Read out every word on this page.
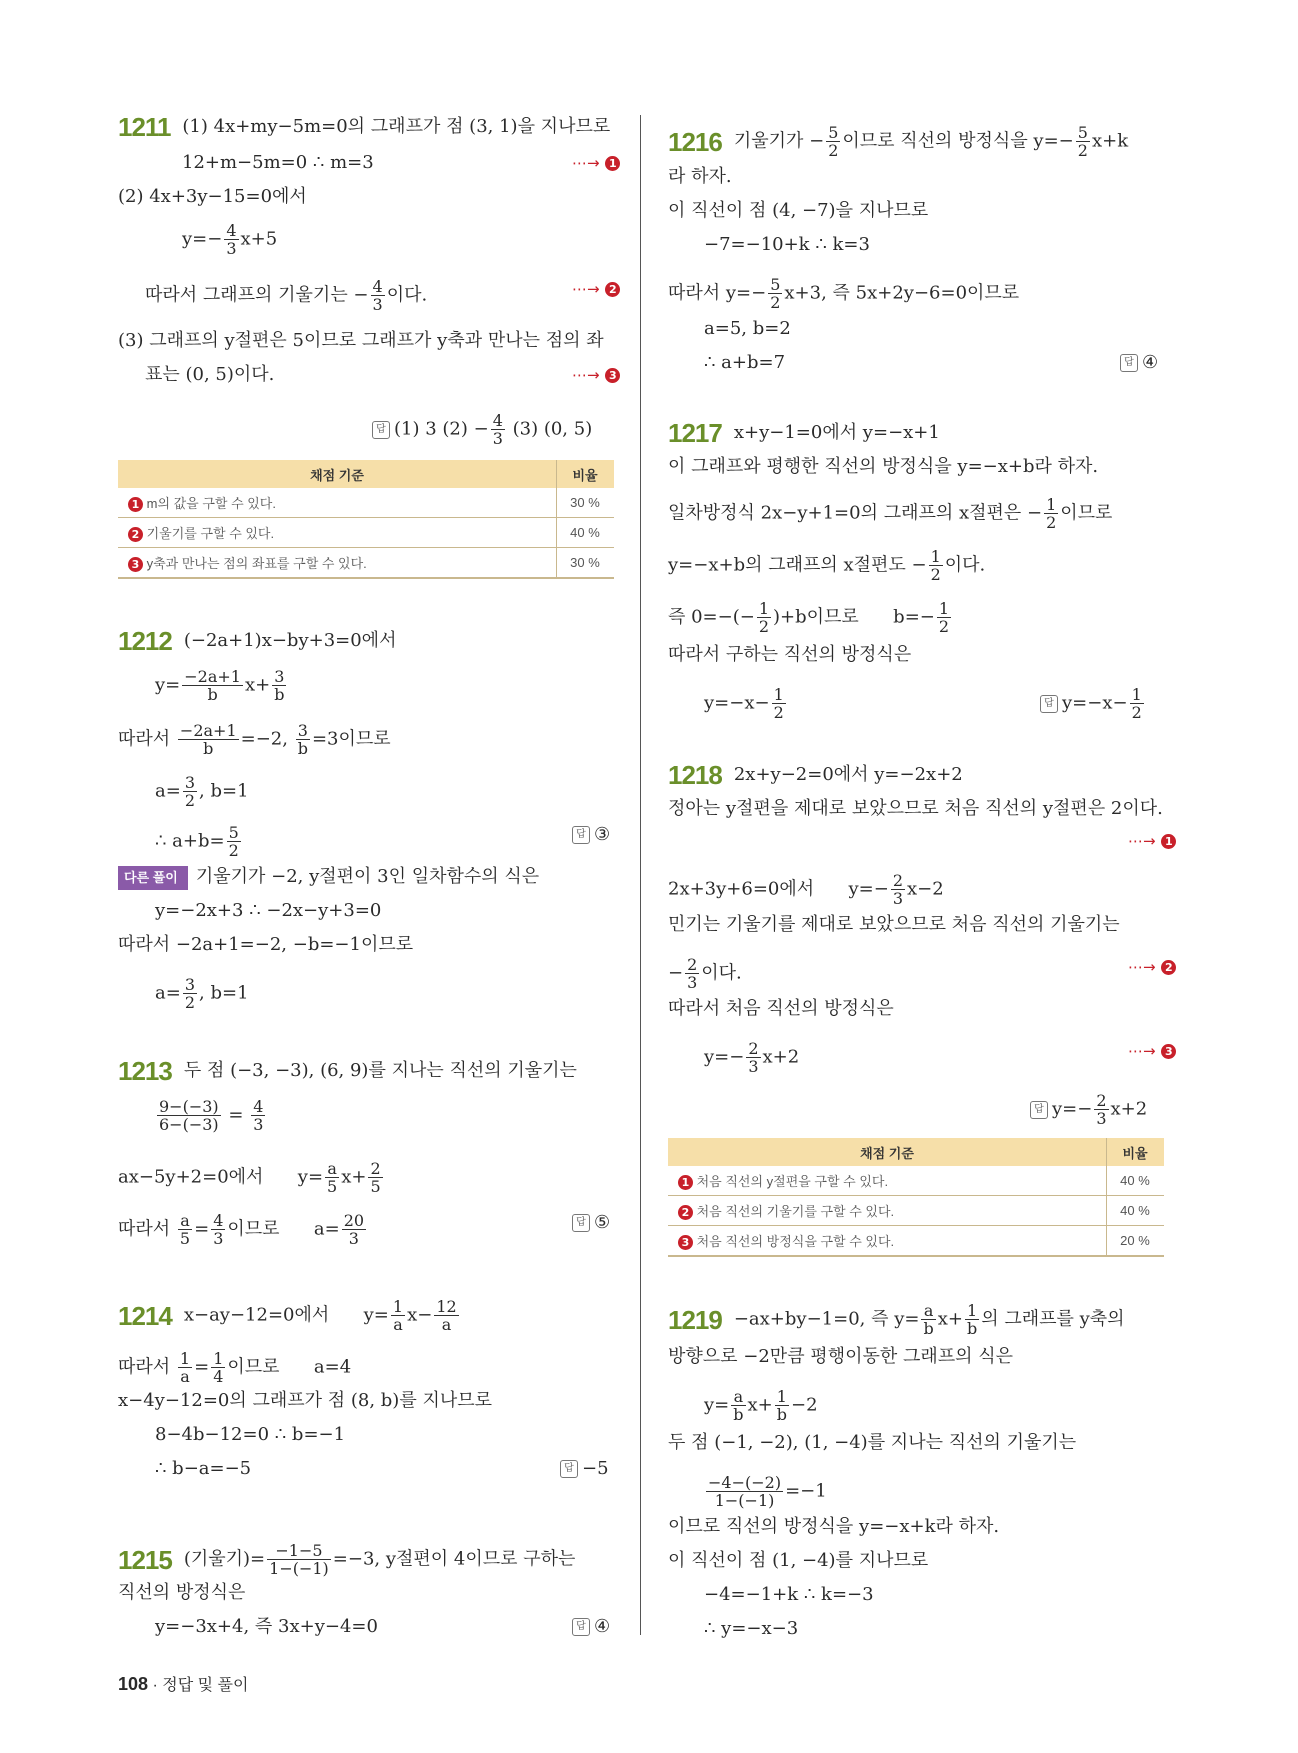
1211 (1) 4x+my−5m=0의 그래프가 점 (3, 1)을 지나므로
12+m−5m=0 ∴ m=3	⋯→ 1
(2) 4x+3y−15=0에서
$y=- \frac{4}{3} x+5$
따라서 그래프의 기울기는 − $\frac{4}{3}$ 이다.	⋯→ 2
(3) 그래프의 y절편은 5이므로 그래프가 y축과 만나는 점의 좌
표는 (0, 5)이다.	⋯→ 3
답 (1) 3 $(2) - \frac{4}{3} (3)$ (0, 5)
채점 기준	비율
1 m의 값을 구할 수 있다.	30 %
2 기울기를 구할 수 있다.	40 %
3 y축과 만나는 점의 좌표를 구할 수 있다.	30 %
1212 (−2a+1)x−by+3=0에서
$y= \frac{-2a+1}{b} x+ \frac{3}{b}$
따라서 $\frac{-2a+1}{b} =-2$, $\frac{3}{b} =3$이므로
$a= \frac{3}{2}$ , b=1
∴ $a+b= \frac{5}{2}$	답 ③
다른 풀이 기울기가 −2, y절편이 3인 일차함수의 식은
y=−2x+3 ∴ −2x−y+3=0
따라서 −2a+1=−2, −b=−1이므로
$a= \frac{3}{2}$ , b=1
1213 두 점 (−3, −3), (6, 9)를 지나는 직선의 기울기는
$\frac{9-(-3)}{6-(-3)} = \frac{4}{3}$
ax−5y+2=0에서 $y= \frac{a}{5} x+ \frac{2}{5}$
따라서 $\frac{a}{5} = \frac{4}{3}$ 이므로 $a= \frac{20}{3}$	답 ⑤
1214 x−ay−12=0에서 $y= \frac{1}{a} x- \frac{12}{a}$
따라서 $\frac{1}{a} = \frac{1}{4}$ 이므로 a=4
x−4y−12=0의 그래프가 점 (8, b)를 지나므로
8−4b−12=0 ∴ b=−1
∴ b−a=−5	답 −5
1215 (기울기)= $\frac{-1-5}{1-(-1)} =-3$, y절편이 4이므로 구하는
직선의 방정식은
y=−3x+4, 즉 3x+y−4=0	답 ④
1216 기울기가 − $\frac{5}{2}$ 이므로 직선의 방정식을 $y=- \frac{5}{2} x+k$
라 하자.
이 직선이 점 (4, −7)을 지나므로
−7=−10+k ∴ k=3
따라서 $y=- \frac{5}{2} x+3$, 즉 5x+2y−6=0이므로
a=5, b=2
∴ a+b=7	답 ④
1217 x+y−1=0에서 y=−x+1
이 그래프와 평행한 직선의 방정식을 y=−x+b라 하자.
일차방정식 2x−y+1=0의 그래프의 x절편은 − $\frac{1}{2}$ 이므로
y=−x+b의 그래프의 x절편도 − $\frac{1}{2}$ 이다.
즉 $0=-(- \frac{1}{2} )+b$이므로 $b=- \frac{1}{2}$
따라서 구하는 직선의 방정식은
$y=-x- \frac{1}{2}$	답 $y=-x- \frac{1}{2}$
1218 2x+y−2=0에서 y=−2x+2
정아는 y절편을 제대로 보았으므로 처음 직선의 y절편은 2이다.
⋯→ 1
2x+3y+6=0에서 $y=- \frac{2}{3} x-2$
민기는 기울기를 제대로 보았으므로 처음 직선의 기울기는
− $\frac{2}{3}$ 이다.	⋯→ 2
따라서 처음 직선의 방정식은
$y=- \frac{2}{3} x+2$	⋯→ 3
답 $y=- \frac{2}{3} x+2$
채점 기준	비율
1 처음 직선의 y절편을 구할 수 있다.	40 %
2 처음 직선의 기울기를 구할 수 있다.	40 %
3 처음 직선의 방정식을 구할 수 있다.	20 %
1219 −ax+by−1=0, 즉 $y= \frac{a}{b} x+ \frac{1}{b}$ 의 그래프를 y축의
방향으로 −2만큼 평행이동한 그래프의 식은
$y= \frac{a}{b} x+ \frac{1}{b} -2$
두 점 (−1, −2), (1, −4)를 지나는 직선의 기울기는
$\frac{-4-(-2)}{1-(-1)} =-1$
이므로 직선의 방정식을 y=−x+k라 하자.
이 직선이 점 (1, −4)를 지나므로
−4=−1+k ∴ k=−3
∴ y=−x−3
108 · 정답 및 풀이
